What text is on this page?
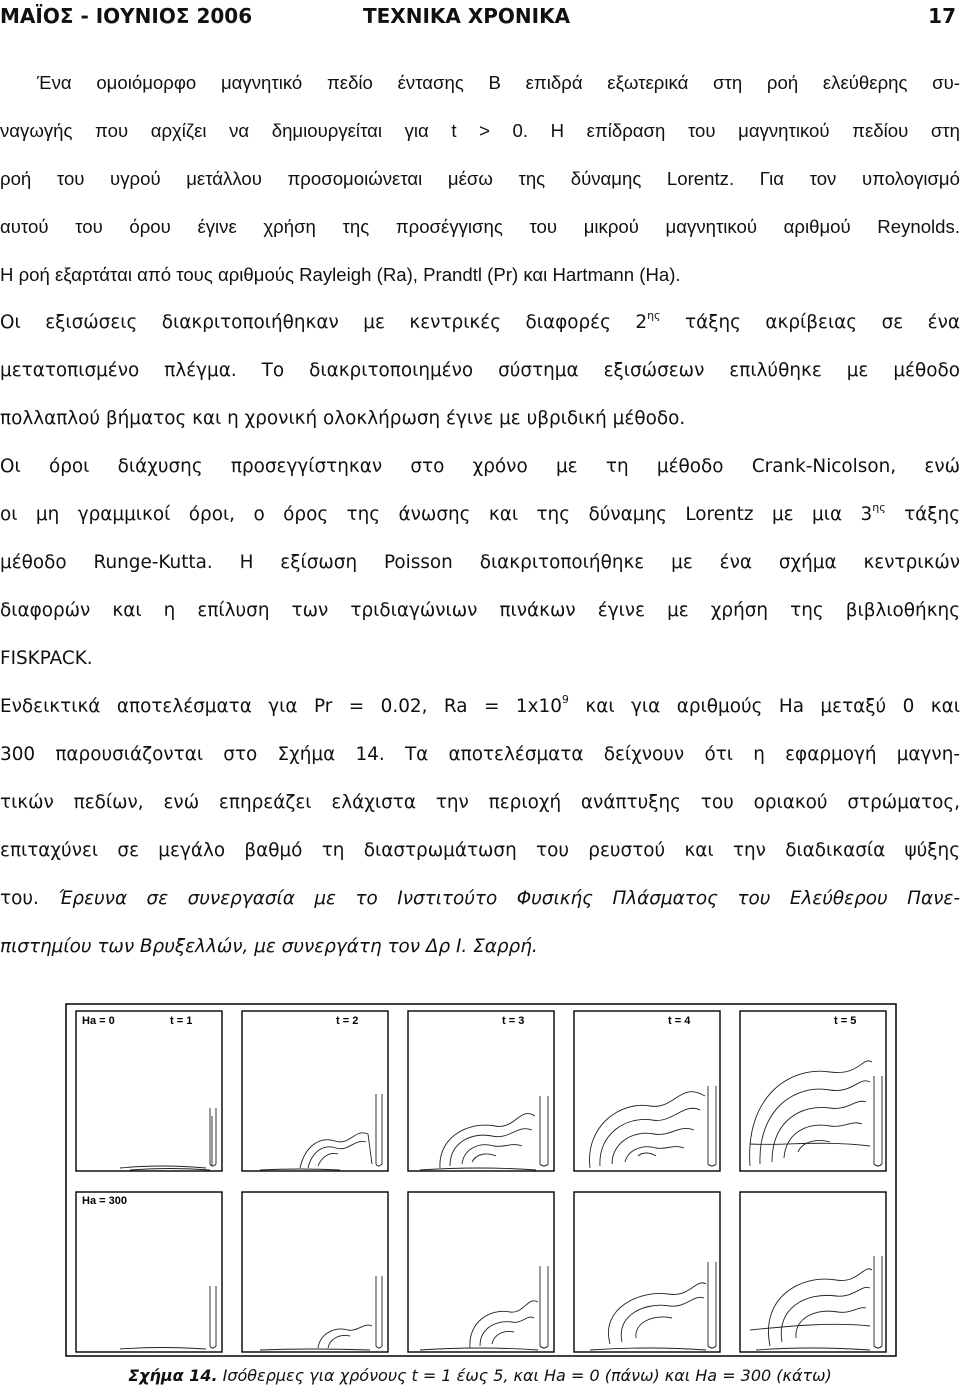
ΜΑΪΟΣ - ΙΟΥΝΙΟΣ 2006	ΤΕΧΝΙΚΑ ΧΡΟΝΙΚΑ	17
Ένα ομοιόμορφο μαγνητικό πεδίο έντασης Β επιδρά εξωτερικά στη ροή ελεύθερης συ-
ναγωγής που αρχίζει να δημιουργείται για t > 0. Η επίδραση του μαγνητικού πεδίου στη
ροή του υγρού μετάλλου προσομοιώνεται μέσω της δύναμης Lorentz. Για τον υπολογισμό
αυτού του όρου έγινε χρήση της προσέγγισης του μικρού μαγνητικού αριθμού Reynolds.
Η ροή εξαρτάται από τους αριθμούς Rayleigh (Ra), Prandtl (Pr) και Hartmann (Ha).
Οι εξισώσεις διακριτοποιήθηκαν με κεντρικές διαφορές $2^{\eta\varsigma}$ τάξης ακρίβειας σε ένα
μετατοπισμένο πλέγμα. Το διακριτοποιημένο σύστημα εξισώσεων επιλύθηκε με μέθοδο
πολλαπλού βήματος και η χρονική ολοκλήρωση έγινε με υβριδική μέθοδο.
Οι όροι διάχυσης προσεγγίστηκαν στο χρόνο με τη μέθοδο Crank-Nicolson, ενώ
οι μη γραμμικοί όροι, ο όρος της άνωσης και της δύναμης Lorentz με μια $3^{\eta\varsigma}$ τάξης
μέθοδο Runge-Kutta. Η εξίσωση Poisson διακριτοποιήθηκε με ένα σχήμα κεντρικών
διαφορών και η επίλυση των τριδιαγώνιων πινάκων έγινε με χρήση της βιβλιοθήκης
FISKPACK.
Ενδεικτικά αποτελέσματα για Pr = 0.02, $Ra = 1x10^9$ και για αριθμούς Ha μεταξύ 0 και
300 παρουσιάζονται στο Σχήμα 14. Τα αποτελέσματα δείχνουν ότι η εφαρμογή μαγνη-
τικών πεδίων, ενώ επηρεάζει ελάχιστα την περιοχή ανάπτυξης του οριακού στρώματος,
επιταχύνει σε μεγάλο βαθμό τη διαστρωμάτωση του ρευστού και την διαδικασία ψύξης
του. Έρευνα σε συνεργασία με το Ινστιτούτο Φυσικής Πλάσματος του Ελεύθερου Πανε-
πιστημίου των Βρυξελλών, με συνεργάτη τον Δρ Ι. Σαρρή.
Ha = 0	t = 1	t = 2	t = 3	t = 4	t = 5
Ha = 300
Σχήμα 14. Ισόθερμες για χρόνους t = 1 έως 5, και Ha = 0 (πάνω) και Ha = 300 (κάτω)
